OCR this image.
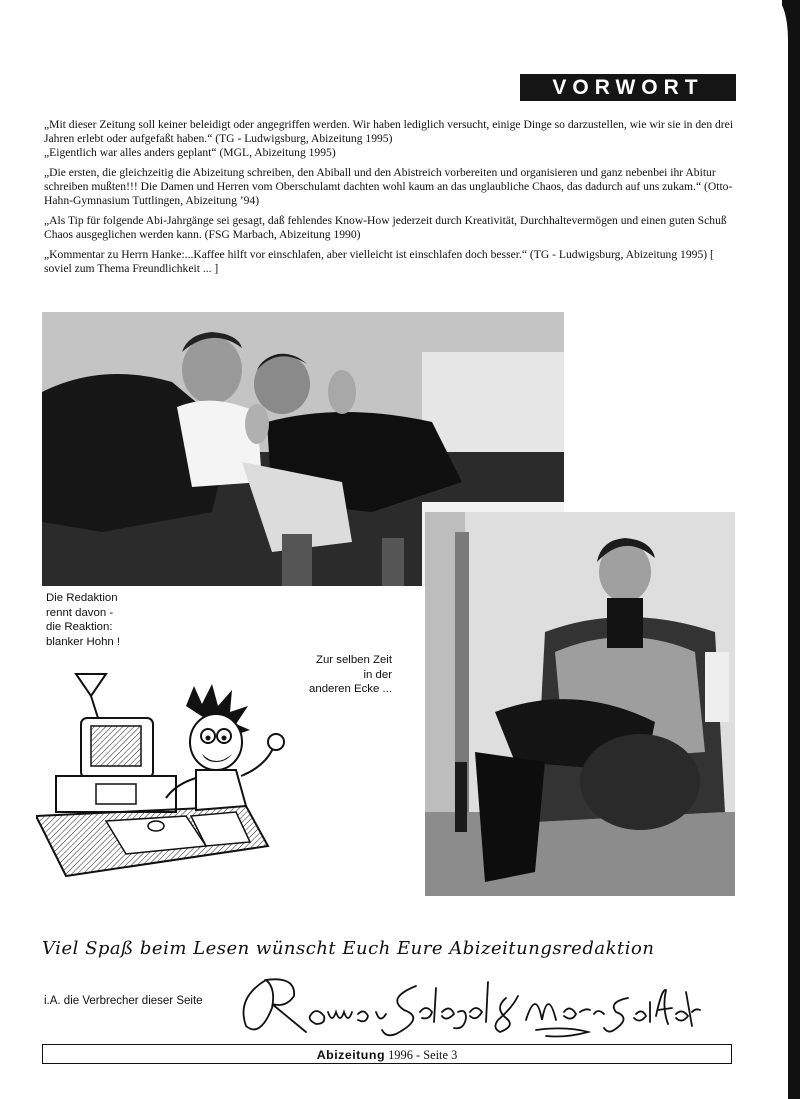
VORWORT

„Mit dieser Zeitung soll keiner beleidigt oder angegriffen werden. Wir haben lediglich versucht, einige Dinge so darzustellen, wie wir sie in den drei Jahren erlebt oder aufgefaßt haben.“ (TG - Ludwigsburg, Abizeitung 1995)

„Eigentlich war alles anders geplant“ (MGL, Abizeitung 1995)

„Die ersten, die gleichzeitig die Abizeitung schreiben, den Abiball und den Abistreich vorbereiten und organisieren und ganz nebenbei ihr Abitur schreiben mußten!!! Die Damen und Herren vom Oberschulamt dachten wohl kaum an das unglaubliche Chaos, das dadurch auf uns zukam.“ (Otto-Hahn-Gymnasium Tuttlingen, Abizeitung ’94)

„Als Tip für folgende Abi-Jahrgänge sei gesagt, daß fehlendes Know-How jederzeit durch Kreativität, Durchhaltevermögen und einen guten Schuß Chaos ausgeglichen werden kann. (FSG Marbach, Abizeitung 1990)

„Kommentar zu Herrn Hanke:...Kaffee hilft vor einschlafen, aber vielleicht ist einschlafen doch besser.“ (TG - Ludwigsburg, Abizeitung 1995) [ soviel zum Thema Freundlichkeit ... ]

Die Redaktion
rennt davon -
die Reaktion:
blanker Hohn !
Zur selben Zeit
in der
anderen Ecke ...
Viel Spaß beim Lesen wünscht Euch Eure Abizeitungsredaktion
i.A. die Verbrecher dieser Seite
Abizeitung 1996 - Seite 3
